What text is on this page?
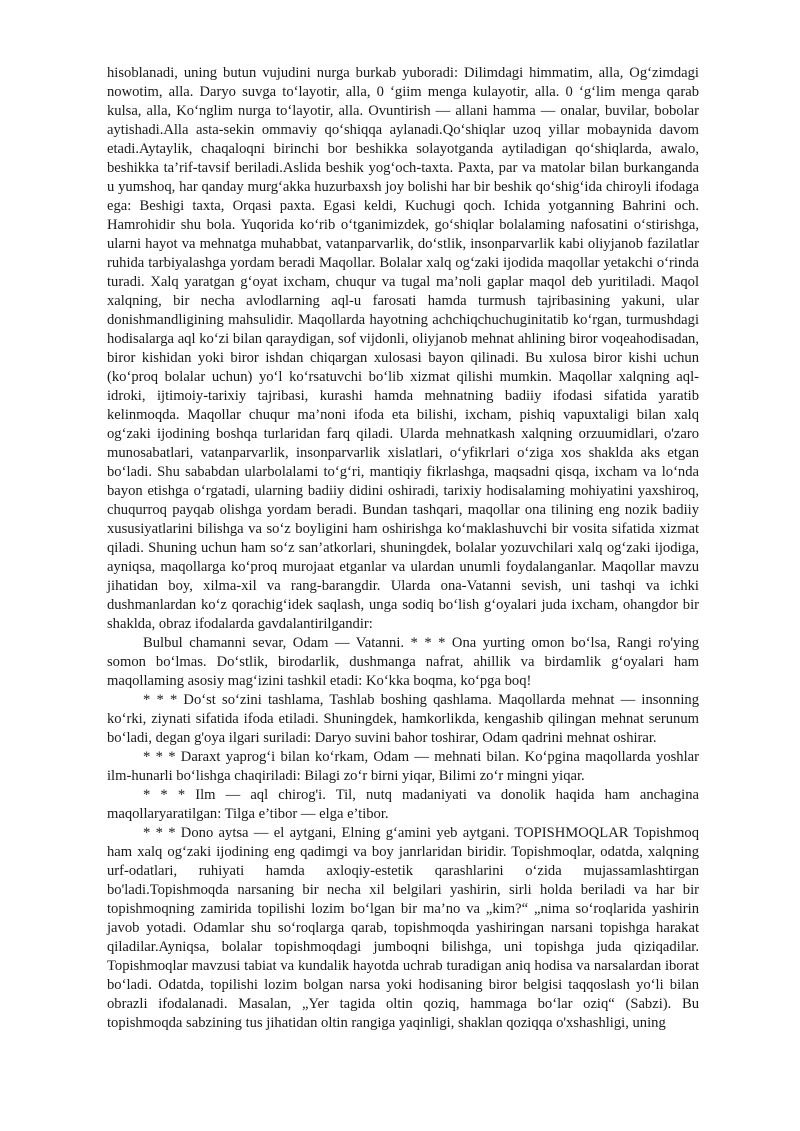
hisoblanadi, uning butun vujudini nurga burkab yuboradi: Dilimdagi himmatim, alla, Og‘zimdagi nowotim, alla. Daryo suvga to‘layotir, alla, 0 ‘giim menga kulayotir, alla. 0 ‘g‘lim menga qarab kulsa, alla, Ko‘nglim nurga to‘layotir, alla. Ovuntirish — allani hamma — onalar, buvilar, bobolar aytishadi.Alla asta-sekin ommaviy qo‘shiqqa aylanadi.Qo‘shiqlar uzoq yillar mobaynida davom etadi.Aytaylik, chaqaloqni birinchi bor beshikka solayotganda aytiladigan qo‘shiqlarda, awalo, beshikka ta’rif-tavsif beriladi.Aslida beshik yog‘och-taxta. Paxta, par va matolar bilan burkanganda u yumshoq, har qanday murg‘akka huzurbaxsh joy bolishi har bir beshik qo‘shig‘ida chiroyli ifodaga ega: Beshigi taxta, Orqasi paxta. Egasi keldi, Kuchugi qoch. Ichida yotganning Bahrini och. Hamrohidir shu bola. Yuqorida ko‘rib o‘tganimizdek, go‘shiqlar bolalaming nafosatini o‘stirishga, ularni hayot va mehnatga muhabbat, vatanparvarlik, do‘stlik, insonparvarlik kabi oliyjanob fazilatlar ruhida tarbiyalashga yordam beradi Maqollar. Bolalar xalq og‘zaki ijodida maqollar yetakchi o‘rinda turadi. Xalq yaratgan g‘oyat ixcham, chuqur va tugal ma’noli gaplar maqol deb yuritiladi. Maqol xalqning, bir necha avlodlarning aql-u farosati hamda turmush tajribasining yakuni, ular donishmandligining mahsulidir. Maqollarda hayotning achchiqchuchuginitatib ko‘rgan, turmushdagi hodisalarga aql ko‘zi bilan qaraydigan, sof vijdonli, oliyjanob mehnat ahlining biror voqeahodisadan, biror kishidan yoki biror ishdan chiqargan xulosasi bayon qilinadi. Bu xulosa biror kishi uchun (ko‘proq bolalar uchun) yo‘l ko‘rsatuvchi bo‘lib xizmat qilishi mumkin. Maqollar xalqning aql-idroki, ijtimoiy-tarixiy tajribasi, kurashi hamda mehnatning badiiy ifodasi sifatida yaratib kelinmoqda. Maqollar chuqur ma’noni ifoda eta bilishi, ixcham, pishiq vapuxtaligi bilan xalq og‘zaki ijodining boshqa turlaridan farq qiladi. Ularda mehnatkash xalqning orzuumidlari, o'zaro munosabatlari, vatanparvarlik, insonparvarlik xislatlari, o‘yfikrlari o‘ziga xos shaklda aks etgan bo‘ladi. Shu sababdan ularbolalami to‘g‘ri, mantiqiy fikrlashga, maqsadni qisqa, ixcham va lo‘nda bayon etishga o‘rgatadi, ularning badiiy didini oshiradi, tarixiy hodisalaming mohiyatini yaxshiroq, chuqurroq payqab olishga yordam beradi. Bundan tashqari, maqollar ona tilining eng nozik badiiy xususiyatlarini bilishga va so‘z boyligini ham oshirishga ko‘maklashuvchi bir vosita sifatida xizmat qiladi. Shuning uchun ham so‘z san’atkorlari, shuningdek, bolalar yozuvchilari xalq og‘zaki ijodiga, ayniqsa, maqollarga ko‘proq murojaat etganlar va ulardan unumli foydalanganlar. Maqollar mavzu jihatidan boy, xilma-xil va rang-barangdir. Ularda ona-Vatanni sevish, uni tashqi va ichki dushmanlardan ko‘z qorachig‘idek saqlash, unga sodiq bo‘lish g‘oyalari juda ixcham, ohangdor bir shaklda, obraz ifodalarda gavdalantirilgandir:

Bulbul chamanni sevar, Odam — Vatanni. * * * Ona yurting omon bo‘lsa, Rangi ro'ying somon bo‘lmas. Do‘stlik, birodarlik, dushmanga nafrat, ahillik va birdamlik g‘oyalari ham maqollaming asosiy mag‘izini tashkil etadi: Ko‘kka boqma, ko‘pga boq!

* * * Do‘st so‘zini tashlama, Tashlab boshing qashlama. Maqollarda mehnat — insonning ko‘rki, ziynati sifatida ifoda etiladi. Shuningdek, hamkorlikda, kengashib qilingan mehnat serunum bo‘ladi, degan g'oya ilgari suriladi: Daryo suvini bahor toshirar, Odam qadrini mehnat oshirar.

* * * Daraxt yaprog‘i bilan ko‘rkam, Odam — mehnati bilan. Ko‘pgina maqollarda yoshlar ilm-hunarli bo‘lishga chaqiriladi: Bilagi zo‘r birni yiqar, Bilimi zo‘r mingni yiqar.

* * * Ilm — aql chirog'i. Til, nutq madaniyati va donolik haqida ham anchagina maqollaryaratilgan: Tilga e’tibor — elga e’tibor.

* * * Dono aytsa — el aytgani, Elning g‘amini yeb aytgani. TOPISHMOQLAR Topishmoq ham xalq og‘zaki ijodining eng qadimgi va boy janrlaridan biridir. Topishmoqlar, odatda, xalqning urf-odatlari, ruhiyati hamda axloqiy-estetik qarashlarini o‘zida mujassamlashtirgan bo'ladi.Topishmoqda narsaning bir necha xil belgilari yashirin, sirli holda beriladi va har bir topishmoqning zamirida topilishi lozim bo‘lgan bir ma’no va „kim?“ „nima so‘roqlarida yashirin javob yotadi. Odamlar shu so‘roqlarga qarab, topishmoqda yashiringan narsani topishga harakat qiladilar.Ayniqsa, bolalar topishmoqdagi jumboqni bilishga, uni topishga juda qiziqadilar. Topishmoqlar mavzusi tabiat va kundalik hayotda uchrab turadigan aniq hodisa va narsalardan iborat bo‘ladi. Odatda, topilishi lozim bolgan narsa yoki hodisaning biror belgisi taqqoslash yo‘li bilan obrazli ifodalanadi. Masalan, „Yer tagida oltin qoziq, hammaga bo‘lar oziq“ (Sabzi). Bu topishmoqda sabzining tus jihatidan oltin rangiga yaqinligi, shaklan qoziqqa o'xshashligi, uning
